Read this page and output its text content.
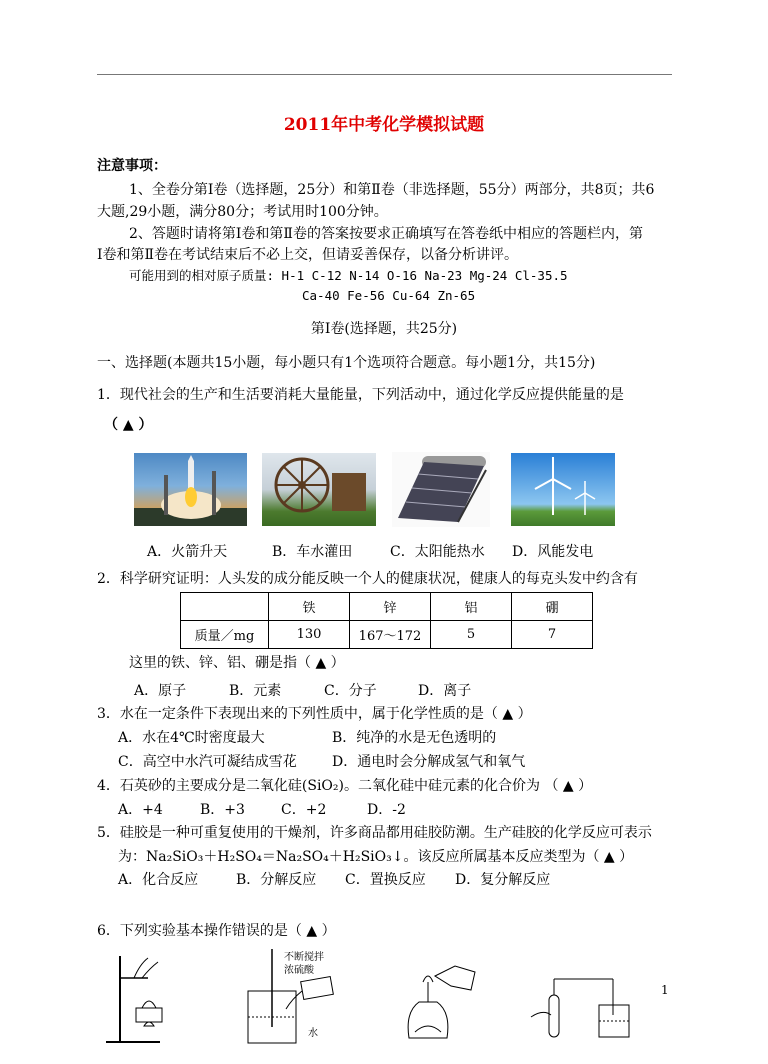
2011年中考化学模拟试题
注意事项：
1、全卷分第Ⅰ卷（选择题，25分）和第Ⅱ卷（非选择题，55分）两部分，共8页；共6
大题,29小题，满分80分；考试用时100分钟。
2、答题时请将第Ⅰ卷和第Ⅱ卷的答案按要求正确填写在答卷纸中相应的答题栏内，第
Ⅰ卷和第Ⅱ卷在考试结束后不必上交，但请妥善保存，以备分析讲评。
可能用到的相对原子质量: H-1 C-12 N-14 O-16 Na-23 Mg-24 Cl-35.5
Ca-40 Fe-56 Cu-64 Zn-65
第Ⅰ卷(选择题，共25分)
一、选择题(本题共15小题，每小题只有1个选项符合题意。每小题1分，共15分)
1．现代社会的生产和生活要消耗大量能量，下列活动中，通过化学反应提供能量的是
（ ▲ ）
A．火箭升天	B．车水灌田	C．太阳能热水 D．风能发电
2．科学研究证明：人头发的成分能反映一个人的健康状况，健康人的每克头发中约含有
	铁	锌	铝	硼
质量／mg	130	167～172	5	7
这里的铁、锌、铝、硼是指（ ▲ ）
A．原子	B．元素	C．分子	D．离子
3．水在一定条件下表现出来的下列性质中，属于化学性质的是（ ▲ ）
A．水在4℃时密度最大	B．纯净的水是无色透明的
C．高空中水汽可凝结成雪花	D．通电时会分解成氢气和氧气
4．石英砂的主要成分是二氧化硅(SiO₂)。二氧化硅中硅元素的化合价为 （ ▲ ）
A．+4	B．+3	C．+2	D．-2
5．硅胶是一种可重复使用的干燥剂，许多商品都用硅胶防潮。生产硅胶的化学反应可表示
为：Na₂SiO₃＋H₂SO₄＝Na₂SO₄＋H₂SiO₃↓。该反应所属基本反应类型为（ ▲ ）
A．化合反应	B．分解反应 C．置换反应 D．复分解反应
6．下列实验基本操作错误的是（ ▲ ）
不断搅拌
浓硫酸
水
1
